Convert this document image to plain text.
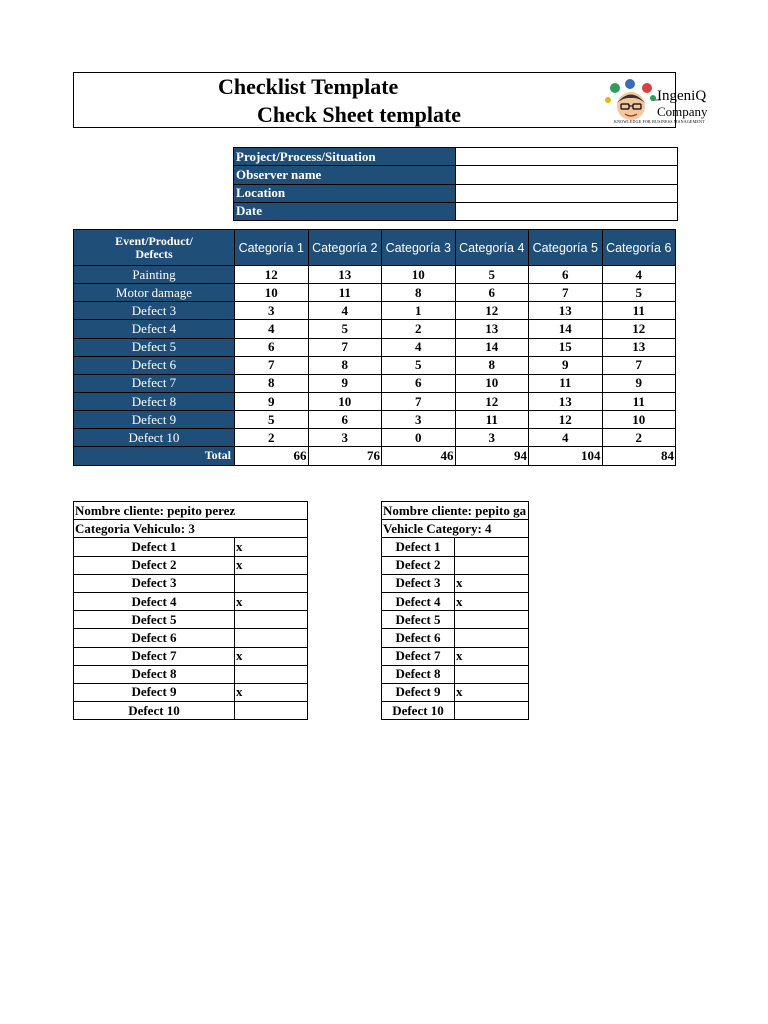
Checklist Template
Check Sheet template
IngeniQ
Company
KNOWLEDGE FOR BUSINESS MANAGEMENT
Project/Process/Situation	
Observer name	
Location	
Date	
Event/Product/
Defects	Categoría 1	Categoría 2	Categoría 3	Categoría 4	Categoría 5	Categoría 6
Painting	12	13	10	5	6	4
Motor damage	10	11	8	6	7	5
Defect 3	3	4	1	12	13	11
Defect 4	4	5	2	13	14	12
Defect 5	6	7	4	14	15	13
Defect 6	7	8	5	8	9	7
Defect 7	8	9	6	10	11	9
Defect 8	9	10	7	12	13	11
Defect 9	5	6	3	11	12	10
Defect 10	2	3	0	3	4	2
Total	66	76	46	94	104	84
Nombre cliente: pepito perez	
Categoria Vehiculo: 3	
Defect 1	x
Defect 2	x
Defect 3	
Defect 4	x
Defect 5	
Defect 6	
Defect 7	x
Defect 8	
Defect 9	x
Defect 10	
Nombre cliente: pepito ga	
Vehicle Category: 4	
Defect 1	
Defect 2	
Defect 3	x
Defect 4	x
Defect 5	
Defect 6	
Defect 7	x
Defect 8	
Defect 9	x
Defect 10	
